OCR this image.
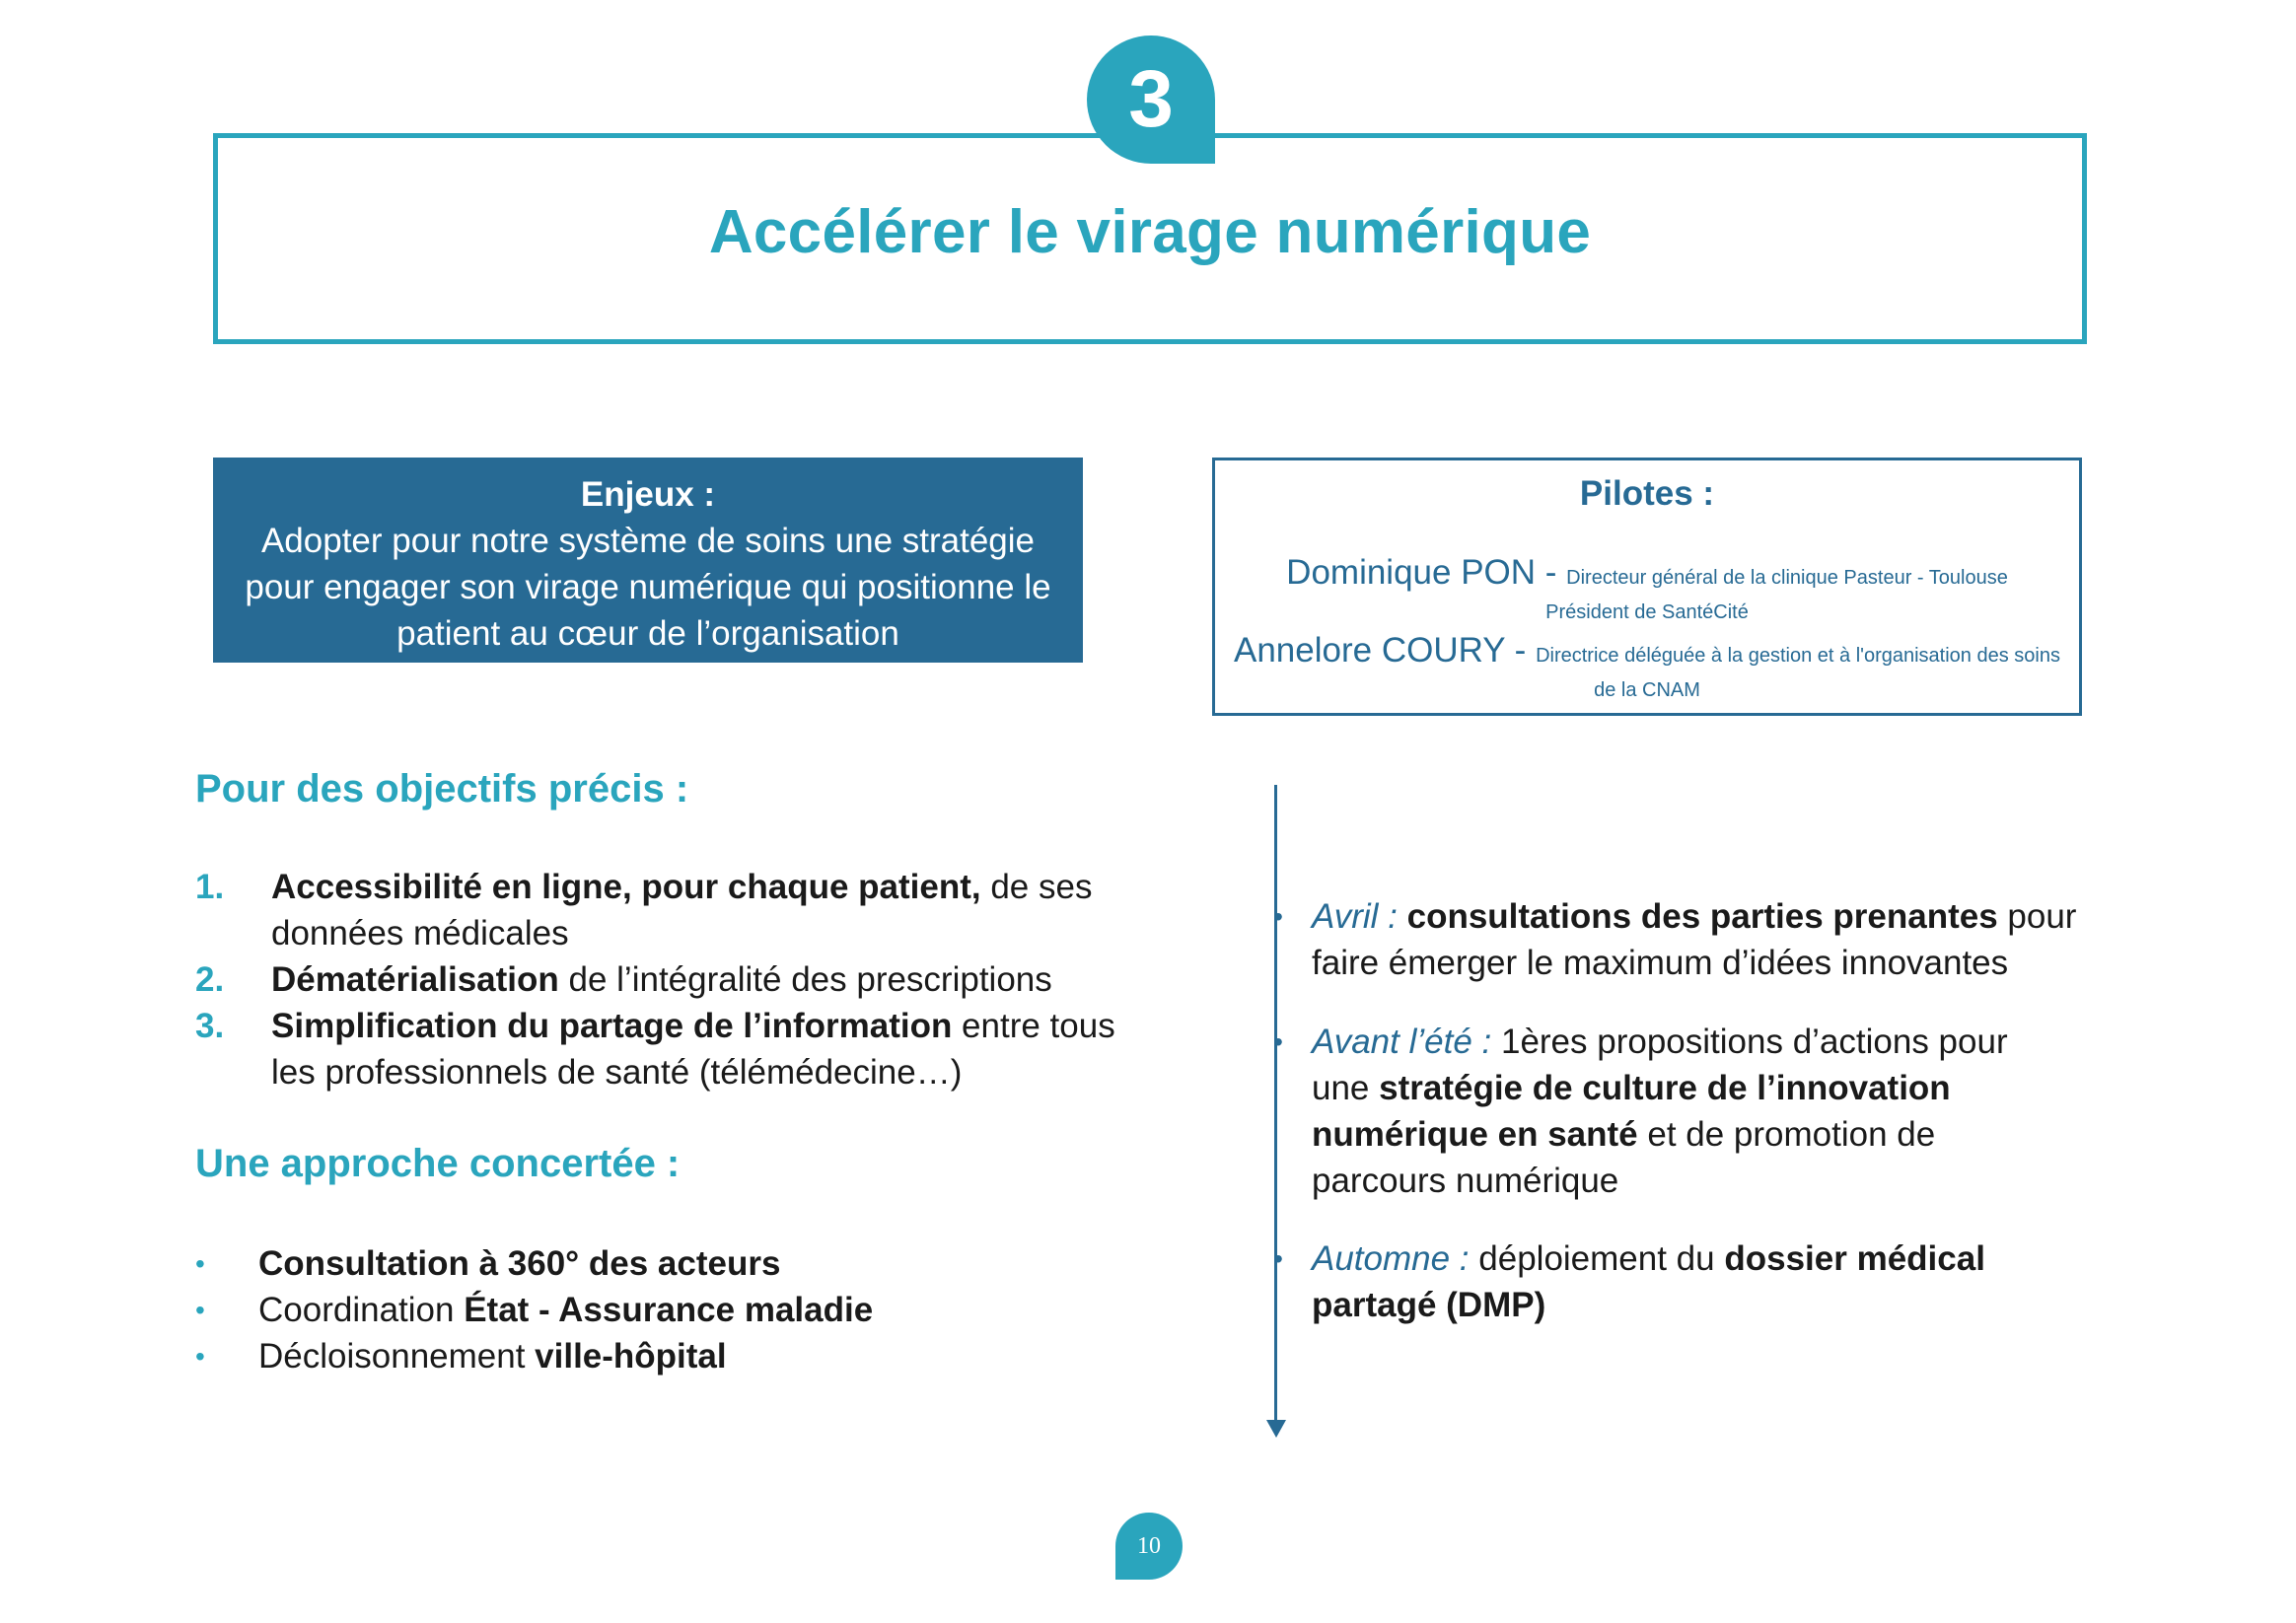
3
Accélérer le virage numérique
Enjeux :
Adopter pour notre système de soins une stratégie
pour engager son virage numérique qui positionne le
patient au cœur de l’organisation
Pilotes :
Dominique PON - Directeur général de la clinique Pasteur - Toulouse
Président de SantéCité
Annelore COURY - Directrice déléguée à la gestion et à l'organisation des soins
de la CNAM
Pour des objectifs précis :
1.	Accessibilité en ligne, pour chaque patient, de ses données médicales
2.	Dématérialisation de l’intégralité des prescriptions
3.	Simplification du partage de l’information entre tous les professionnels de santé (télémédecine…)
Une approche concertée :
•	Consultation à 360° des acteurs
•	Coordination État - Assurance maladie
•	Décloisonnement ville-hôpital
• Avril : consultations des parties prenantes pour faire émerger le maximum d’idées innovantes
• Avant l’été : 1ères propositions d’actions pour une stratégie de culture de l’innovation numérique en santé et de promotion de parcours numérique
• Automne : déploiement du dossier médical partagé (DMP)
10
